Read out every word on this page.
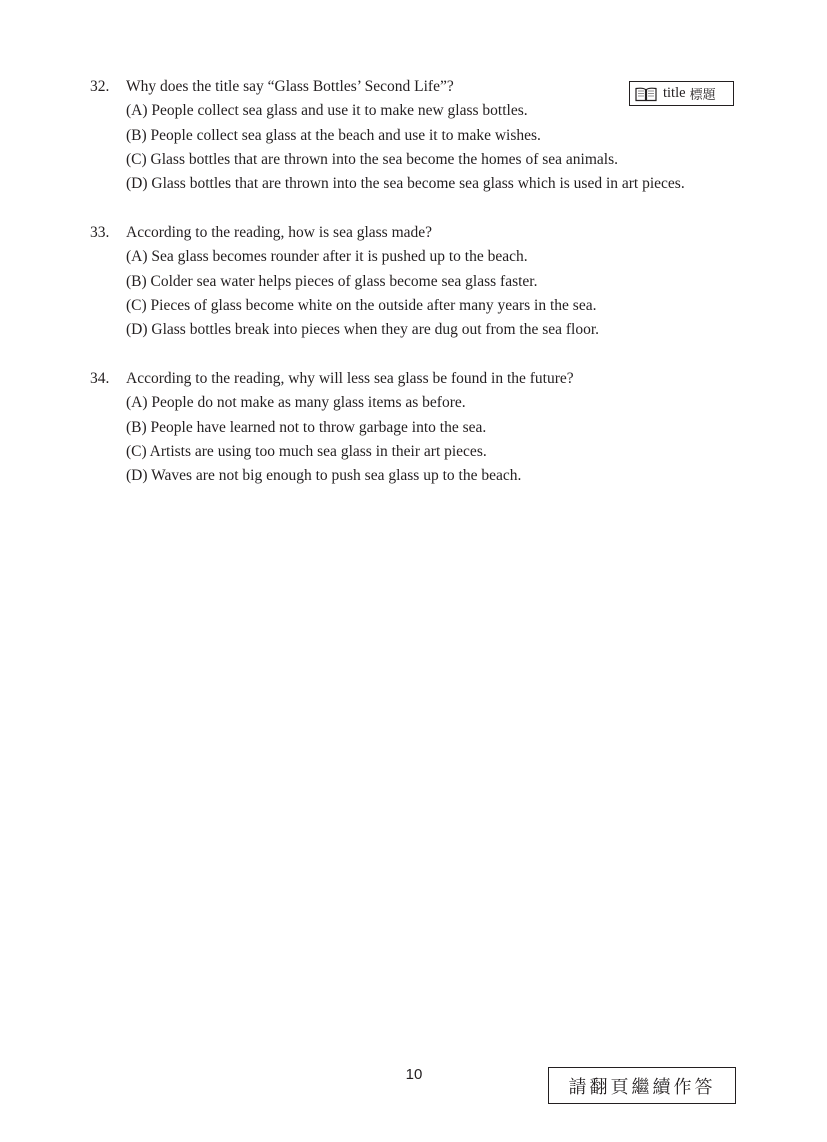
title 標題
32.	Why does the title say “Glass Bottles’ Second Life”?
(A) People collect sea glass and use it to make new glass bottles.
(B) People collect sea glass at the beach and use it to make wishes.
(C) Glass bottles that are thrown into the sea become the homes of sea animals.
(D) Glass bottles that are thrown into the sea become sea glass which is used in art pieces.
33.	According to the reading, how is sea glass made?
(A) Sea glass becomes rounder after it is pushed up to the beach.
(B) Colder sea water helps pieces of glass become sea glass faster.
(C) Pieces of glass become white on the outside after many years in the sea.
(D) Glass bottles break into pieces when they are dug out from the sea floor.
34.	According to the reading, why will less sea glass be found in the future?
(A) People do not make as many glass items as before.
(B) People have learned not to throw garbage into the sea.
(C) Artists are using too much sea glass in their art pieces.
(D) Waves are not big enough to push sea glass up to the beach.
10
請翻頁繼續作答
